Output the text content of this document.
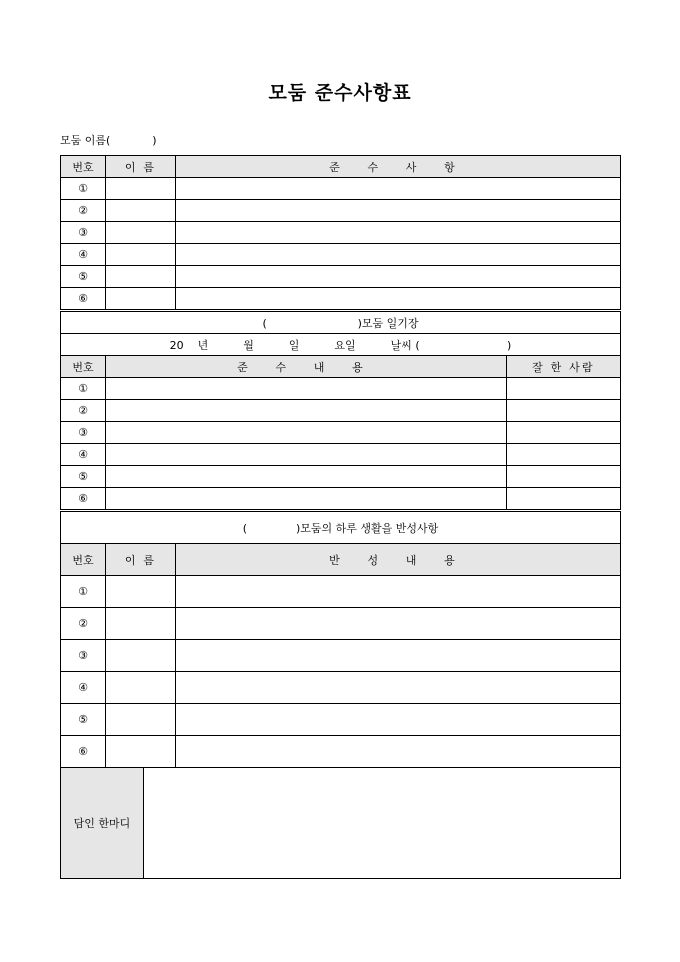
모둠 준수사항표
모둠 이름(            )
번호	이 름	준 수 사 항
①		
②		
③		
④		
⑤		
⑥		
(                          )모둠 일기장		
20    년          월          일          요일          날씨 (                         )		
번호	준 수 내 용	잘 한 사람
①		
②		
③		
④		
⑤		
⑥		
(              )모둠의 하루 생활을 반성사항		
번호	이 름	반 성 내 용
①		
②		
③		
④		
⑤		
⑥		
담인 한마디	
